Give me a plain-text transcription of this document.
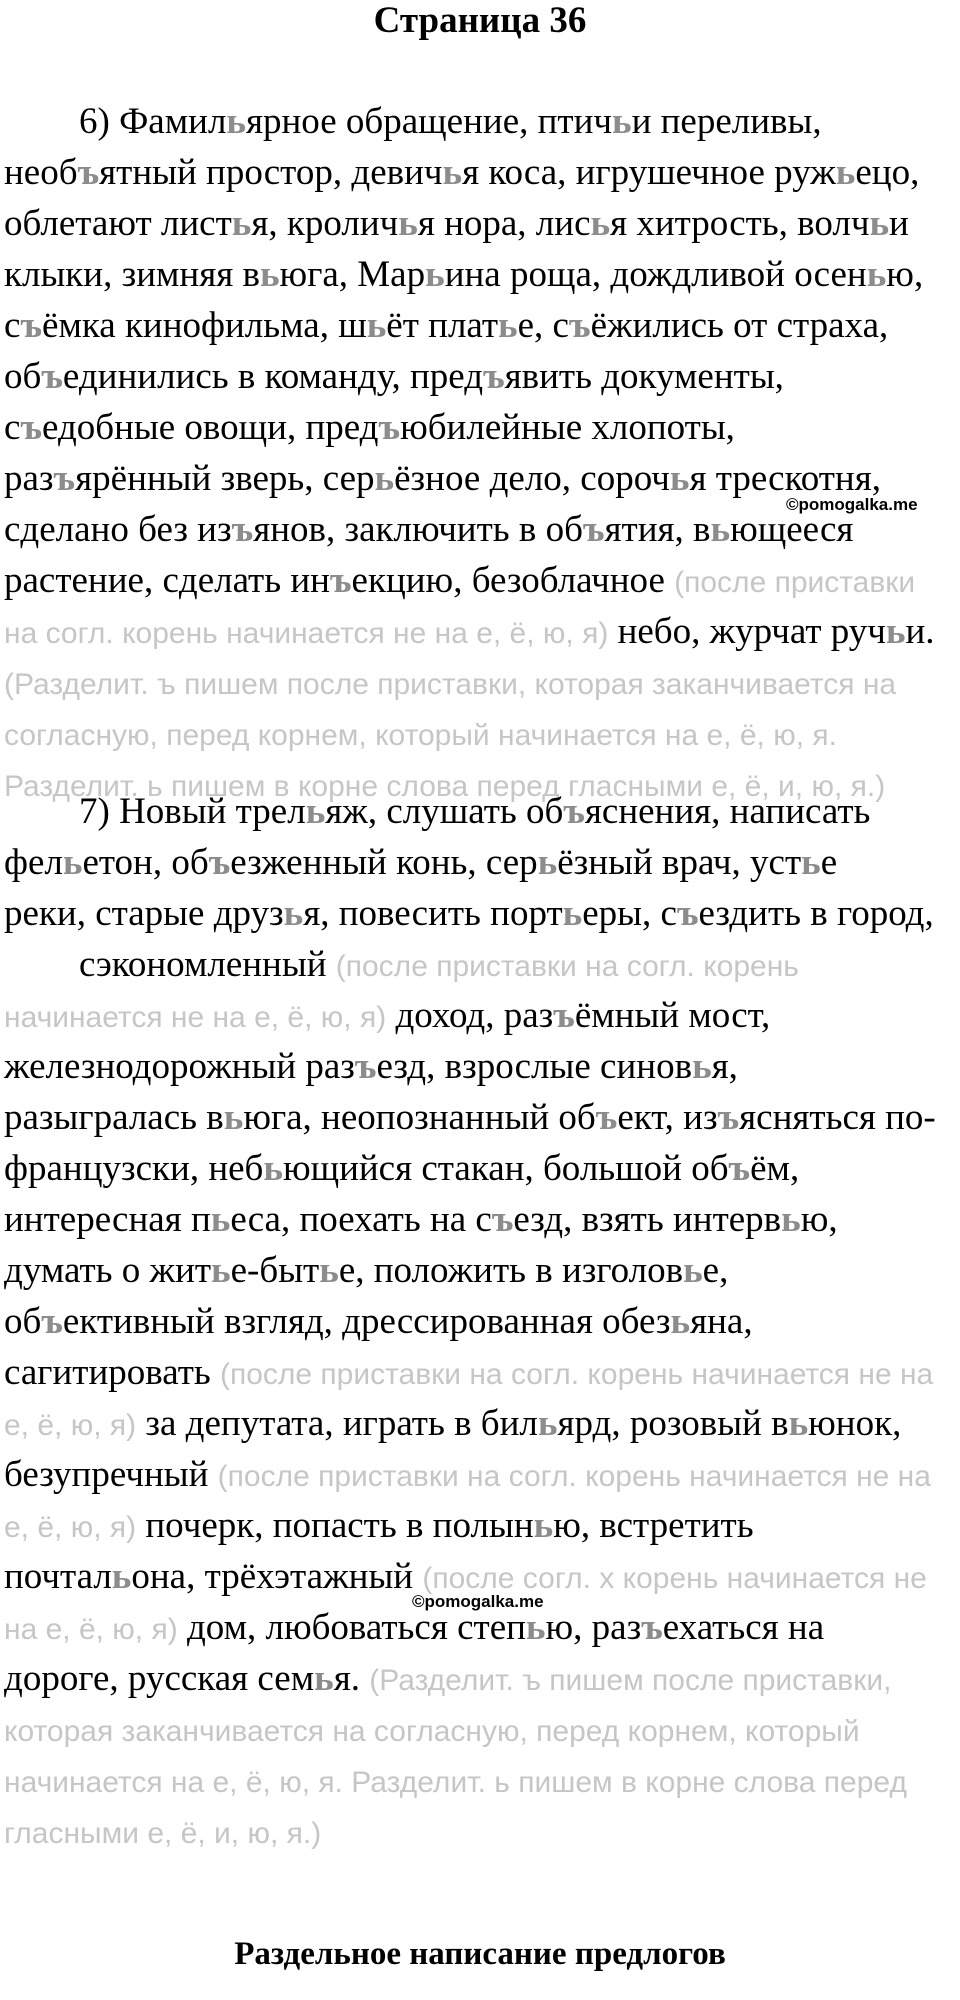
Страница 36
6) Фамильярное обращение, птичьи переливы,
необъятный простор, девичья коса, игрушечное ружьецо,
облетают листья, кроличья нора, лисья хитрость, волчьи
клыки, зимняя вьюга, Марьина роща, дождливой осенью,
съёмка кинофильма, шьёт платье, съёжились от страха,
объединились в команду, предъявить документы,
съедобные овощи, предъюбилейные хлопоты,
разъярённый зверь, серьёзное дело, сорочья трескотня,
сделано без изъянов, заключить в объятия, вьющееся
растение, сделать инъекцию, безоблачное (после приставки
на согл. корень начинается не на е, ё, ю, я) небо, журчат ручьи.
(Разделит. ъ пишем после приставки, которая заканчивается на
согласную, перед корнем, который начинается на е, ё, ю, я.
Разделит. ь пишем в корне слова перед гласными е, ё, и, ю, я.)
7) Новый трельяж, слушать объяснения, написать
фельетон, объезженный конь, серьёзный врач, устье
реки, старые друзья, повесить портьеры, съездить в город,
сэкономленный (после приставки на согл. корень
начинается не на е, ё, ю, я) доход, разъёмный мост,
железнодорожный разъезд, взрослые синовья,
разыгралась вьюга, неопознанный объект, изъясняться по-
французски, небьющийся стакан, большой объём,
интересная пьеса, поехать на съезд, взять интервью,
думать о житье-бытье, положить в изголовье,
объективный взгляд, дрессированная обезьяна,
сагитировать (после приставки на согл. корень начинается не на
е, ё, ю, я) за депутата, играть в бильярд, розовый вьюнок,
безупречный (после приставки на согл. корень начинается не на
е, ё, ю, я) почерк, попасть в полынью, встретить
почтальона, трёхэтажный (после согл. х корень начинается не
на е, ё, ю, я) дом, любоваться степью, разъехаться на
дороге, русская семья. (Разделит. ъ пишем после приставки,
которая заканчивается на согласную, перед корнем, который
начинается на е, ё, ю, я. Разделит. ь пишем в корне слова перед
гласными е, ё, и, ю, я.)
©pomogalka.me
©pomogalka.me
Раздельное написание предлогов
